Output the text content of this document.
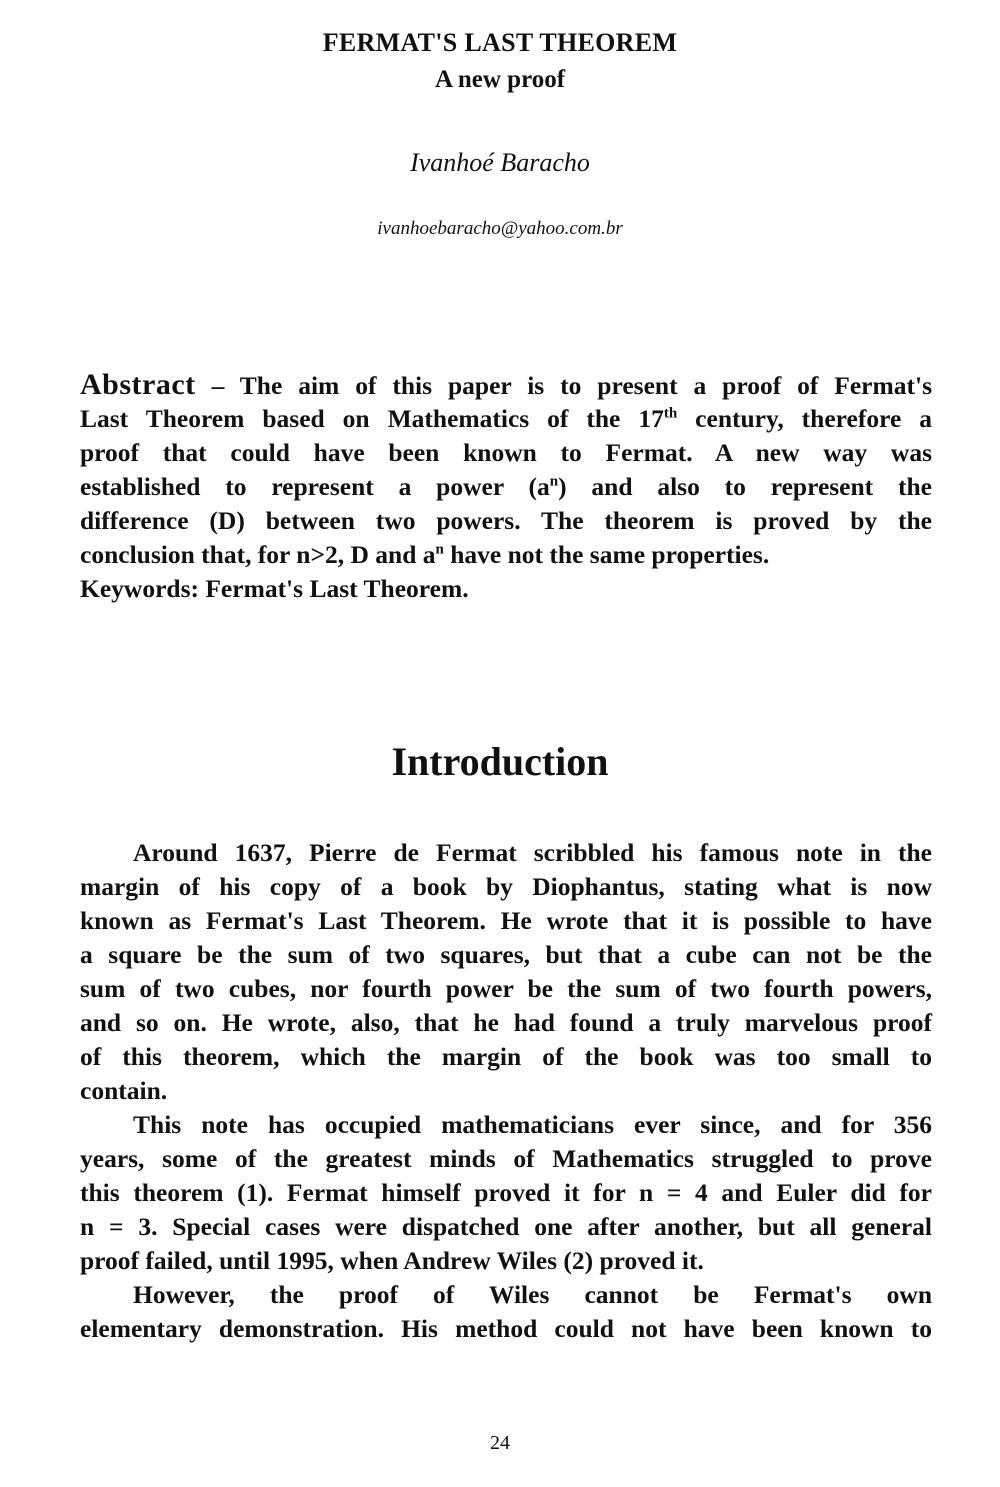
FERMAT'S LAST THEOREM
A new proof
Ivanhoé Baracho
ivanhoebaracho@yahoo.com.br
Abstract – The aim of this paper is to present a proof of Fermat's
Last Theorem based on Mathematics of the 17th century, therefore a
proof that could have been known to Fermat. A new way was
established to represent a power $(a^n)$ and also to represent the
difference (D) between two powers. The theorem is proved by the
conclusion that, for n>2, D and $a^n$ have not the same properties.
Keywords: Fermat's Last Theorem.
Introduction
Around 1637, Pierre de Fermat scribbled his famous note in the
margin of his copy of a book by Diophantus, stating what is now
known as Fermat's Last Theorem. He wrote that it is possible to have
a square be the sum of two squares, but that a cube can not be the
sum of two cubes, nor fourth power be the sum of two fourth powers,
and so on. He wrote, also, that he had found a truly marvelous proof
of this theorem, which the margin of the book was too small to
contain.
This note has occupied mathematicians ever since, and for 356
years, some of the greatest minds of Mathematics struggled to prove
this theorem (1). Fermat himself proved it for n = 4 and Euler did for
n = 3. Special cases were dispatched one after another, but all general
proof failed, until 1995, when Andrew Wiles (2) proved it.
However, the proof of Wiles cannot be Fermat's own
elementary demonstration. His method could not have been known to
24
